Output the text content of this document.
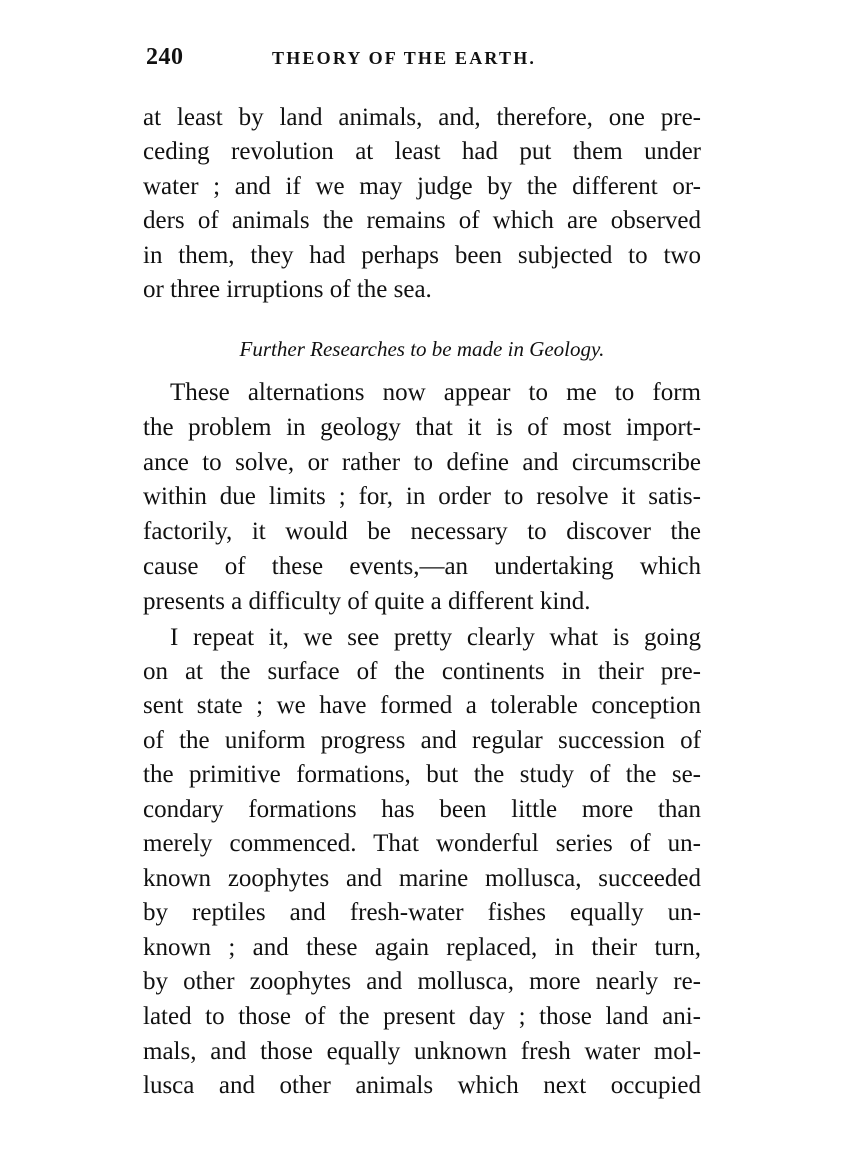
240	THEORY OF THE EARTH.
at least by land animals, and, therefore, one pre-
ceding revolution at least had put them under
water ; and if we may judge by the different or-
ders of animals the remains of which are observed
in them, they had perhaps been subjected to two
or three irruptions of the sea.
Further Researches to be made in Geology.
These alternations now appear to me to form
the problem in geology that it is of most import-
ance to solve, or rather to define and circumscribe
within due limits ; for, in order to resolve it satis-
factorily, it would be necessary to discover the
cause of these events,—an undertaking which
presents a difficulty of quite a different kind.
I repeat it, we see pretty clearly what is going
on at the surface of the continents in their pre-
sent state ; we have formed a tolerable conception
of the uniform progress and regular succession of
the primitive formations, but the study of the se-
condary formations has been little more than
merely commenced. That wonderful series of un-
known zoophytes and marine mollusca, succeeded
by reptiles and fresh-water fishes equally un-
known ; and these again replaced, in their turn,
by other zoophytes and mollusca, more nearly re-
lated to those of the present day ; those land ani-
mals, and those equally unknown fresh water mol-
lusca and other animals which next occupied
